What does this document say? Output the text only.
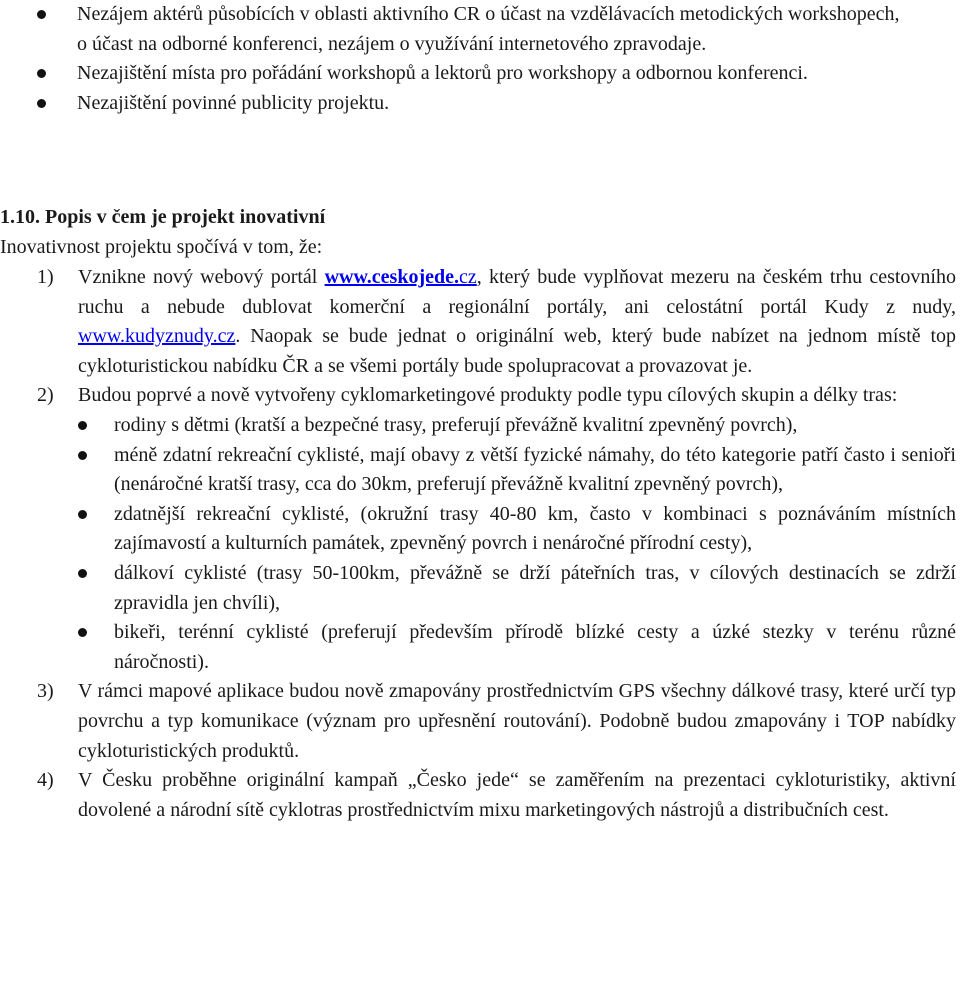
Nezájem aktérů působících v oblasti aktivního CR o účast na vzdělávacích metodických workshopech, o účast na odborné konferenci, nezájem o využívání internetového zpravodaje.
Nezajištění místa pro pořádání workshopů a lektorů pro workshopy a odbornou konferenci.
Nezajištění povinné publicity projektu.
1.10. Popis v čem je projekt inovativní

Inovativnost projektu spočívá v tom, že:

1) Vznikne nový webový portál www.ceskojede.cz, který bude vyplňovat mezeru na českém trhu cestovního ruchu a nebude dublovat komerční a regionální portály, ani celostátní portál Kudy z nudy, www.kudyznudy.cz. Naopak se bude jednat o originální web, který bude nabízet na jednom místě top cykloturistickou nabídku ČR a se všemi portály bude spolupracovat a provazovat je.
2) Budou poprvé a nově vytvořeny cyklomarketingové produkty podle typu cílových skupin a délky tras:
rodiny s dětmi (kratší a bezpečné trasy, preferují převážně kvalitní zpevněný povrch),
méně zdatní rekreační cyklisté, mají obavy z větší fyzické námahy, do této kategorie patří často i senioři (nenáročné kratší trasy, cca do 30km, preferují převážně kvalitní zpevněný povrch),
zdatnější rekreační cyklisté, (okružní trasy 40-80 km, často v kombinaci s poznáváním místních zajímavostí a kulturních památek, zpevněný povrch i nenáročné přírodní cesty),
dálkoví cyklisté (trasy 50-100km, převážně se drží páteřních tras, v cílových destinacích se zdrží zpravidla jen chvíli),
bikeři, terénní cyklisté (preferují především přírodě blízké cesty a úzké stezky v terénu různé náročnosti).
3) V rámci mapové aplikace budou nově zmapovány prostřednictvím GPS všechny dálkové trasy, které určí typ povrchu a typ komunikace (význam pro upřesnění routování). Podobně budou zmapovány i TOP nabídky cykloturistických produktů.
4) V Česku proběhne originální kampaň „Česko jede“ se zaměřením na prezentaci cykloturistiky, aktivní dovolené a národní sítě cyklotras prostřednictvím mixu marketingových nástrojů a distribučních cest.
